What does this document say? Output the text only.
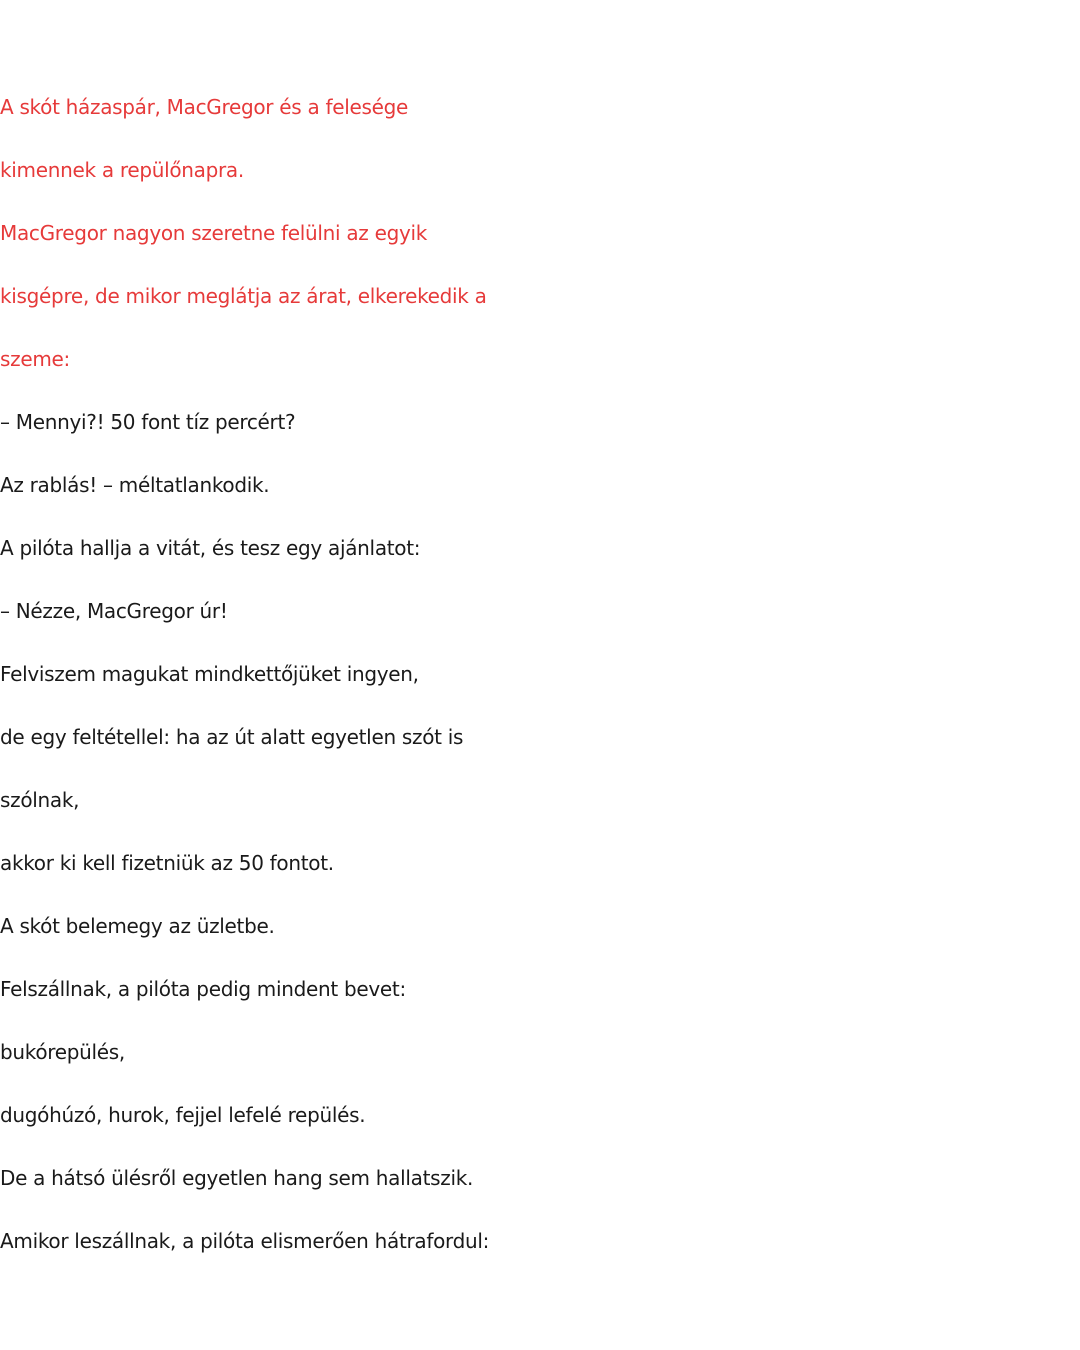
A skót házaspár, MacGregor és a felesége
kimennek a repülőnapra.
MacGregor nagyon szeretne felülni az egyik
kisgépre, de mikor meglátja az árat, elkerekedik a
szeme:
– Mennyi?! 50 font tíz percért?
Az rablás! – méltatlankodik.
A pilóta hallja a vitát, és tesz egy ajánlatot:
– Nézze, MacGregor úr!
Felviszem magukat mindkettőjüket ingyen,
de egy feltétellel: ha az út alatt egyetlen szót is
szólnak,
akkor ki kell fizetniük az 50 fontot.
A skót belemegy az üzletbe.
Felszállnak, a pilóta pedig mindent bevet:
bukórepülés,
dugóhúzó, hurok, fejjel lefelé repülés.
De a hátsó ülésről egyetlen hang sem hallatszik.
Amikor leszállnak, a pilóta elismerően hátrafordul:
